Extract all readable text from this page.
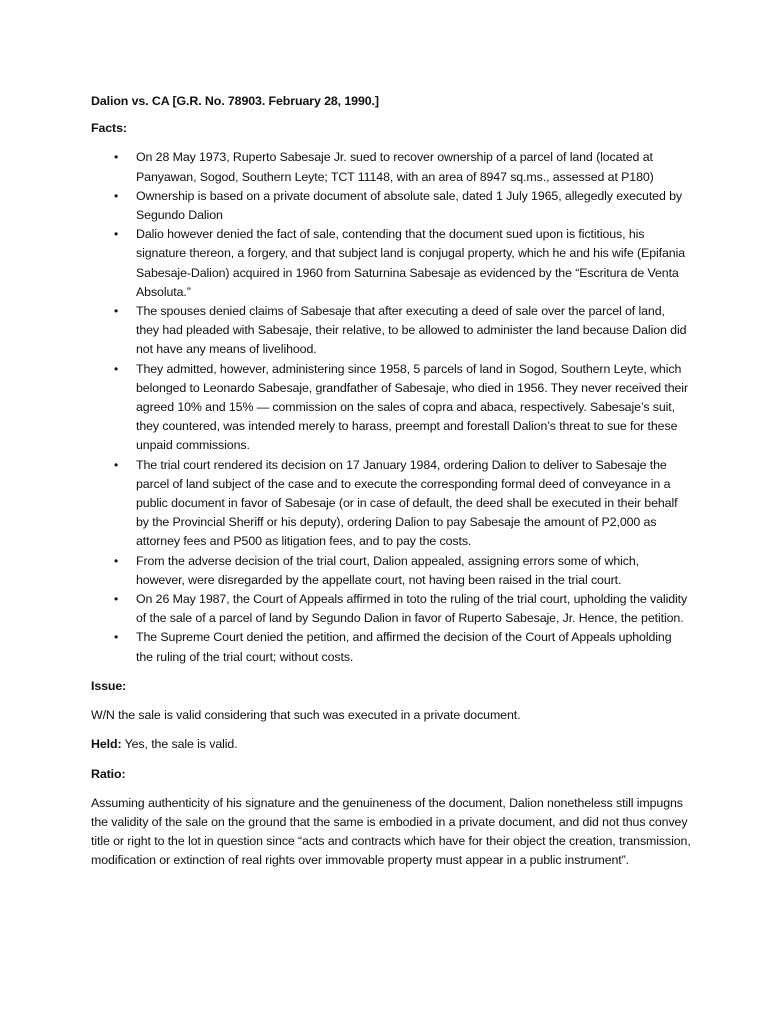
Dalion vs. CA [G.R. No. 78903. February 28, 1990.]
Facts:
• On 28 May 1973, Ruperto Sabesaje Jr. sued to recover ownership of a parcel of land (located at Panyawan, Sogod, Southern Leyte; TCT 11148, with an area of 8947 sq.ms., assessed at P180)
• Ownership is based on a private document of absolute sale, dated 1 July 1965, allegedly executed by Segundo Dalion
• Dalio however denied the fact of sale, contending that the document sued upon is fictitious, his signature thereon, a forgery, and that subject land is conjugal property, which he and his wife (Epifania Sabesaje-Dalion) acquired in 1960 from Saturnina Sabesaje as evidenced by the “Escritura de Venta Absoluta.”
• The spouses denied claims of Sabesaje that after executing a deed of sale over the parcel of land, they had pleaded with Sabesaje, their relative, to be allowed to administer the land because Dalion did not have any means of livelihood.
• They admitted, however, administering since 1958, 5 parcels of land in Sogod, Southern Leyte, which belonged to Leonardo Sabesaje, grandfather of Sabesaje, who died in 1956. They never received their agreed 10% and 15% — commission on the sales of copra and abaca, respectively. Sabesaje’s suit, they countered, was intended merely to harass, preempt and forestall Dalion’s threat to sue for these unpaid commissions.
• The trial court rendered its decision on 17 January 1984, ordering Dalion to deliver to Sabesaje the parcel of land subject of the case and to execute the corresponding formal deed of conveyance in a public document in favor of Sabesaje (or in case of default, the deed shall be executed in their behalf by the Provincial Sheriff or his deputy), ordering Dalion to pay Sabesaje the amount of P2,000 as attorney fees and P500 as litigation fees, and to pay the costs.
• From the adverse decision of the trial court, Dalion appealed, assigning errors some of which, however, were disregarded by the appellate court, not having been raised in the trial court.
• On 26 May 1987, the Court of Appeals affirmed in toto the ruling of the trial court, upholding the validity of the sale of a parcel of land by Segundo Dalion in favor of Ruperto Sabesaje, Jr. Hence, the petition.
• The Supreme Court denied the petition, and affirmed the decision of the Court of Appeals upholding the ruling of the trial court; without costs.
Issue:
W/N the sale is valid considering that such was executed in a private document.
Held: Yes, the sale is valid.
Ratio:
Assuming authenticity of his signature and the genuineness of the document, Dalion nonetheless still impugns the validity of the sale on the ground that the same is embodied in a private document, and did not thus convey title or right to the lot in question since “acts and contracts which have for their object the creation, transmission, modification or extinction of real rights over immovable property must appear in a public instrument”.
